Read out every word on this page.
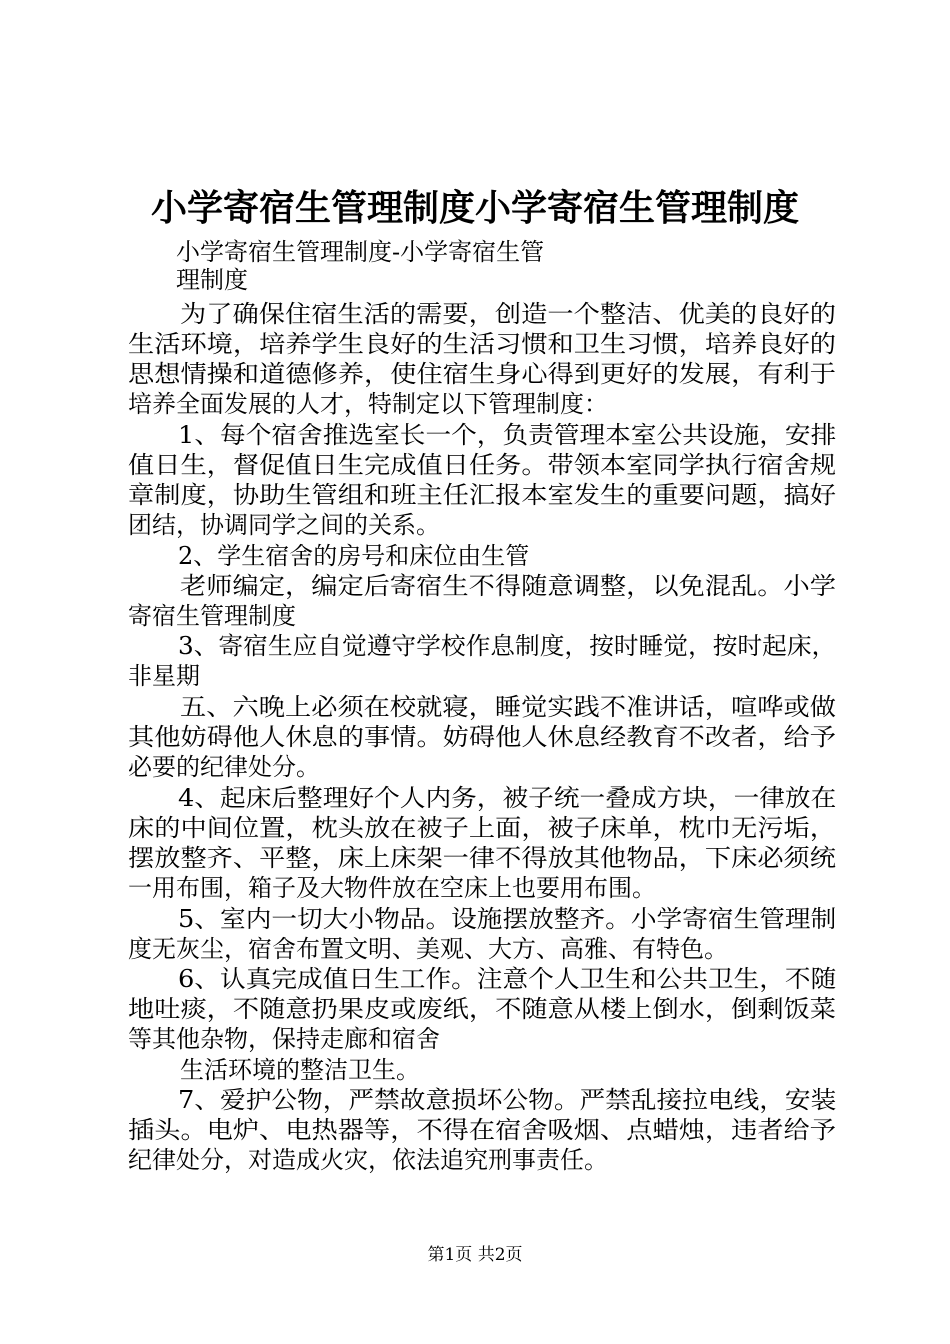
小学寄宿生管理制度小学寄宿生管理制度
小学寄宿生管理制度-小学寄宿生管
理制度
为了确保住宿生活的需要，创造一个整洁、优美的良好的
生活环境，培养学生良好的生活习惯和卫生习惯，培养良好的
思想情操和道德修养，使住宿生身心得到更好的发展，有利于
培养全面发展的人才，特制定以下管理制度：
1、每个宿舍推选室长一个，负责管理本室公共设施，安排
值日生，督促值日生完成值日任务。带领本室同学执行宿舍规
章制度，协助生管组和班主任汇报本室发生的重要问题，搞好
团结，协调同学之间的关系。
2、学生宿舍的房号和床位由生管
老师编定，编定后寄宿生不得随意调整，以免混乱。小学
寄宿生管理制度
3、寄宿生应自觉遵守学校作息制度，按时睡觉，按时起床，
非星期
五、六晚上必须在校就寝，睡觉实践不准讲话，喧哗或做
其他妨碍他人休息的事情。妨碍他人休息经教育不改者，给予
必要的纪律处分。
4、起床后整理好个人内务，被子统一叠成方块，一律放在
床的中间位置，枕头放在被子上面，被子床单，枕巾无污垢，
摆放整齐、平整，床上床架一律不得放其他物品，下床必须统
一用布围，箱子及大物件放在空床上也要用布围。
5、室内一切大小物品。设施摆放整齐。小学寄宿生管理制
度无灰尘，宿舍布置文明、美观、大方、高雅、有特色。
6、认真完成值日生工作。注意个人卫生和公共卫生，不随
地吐痰，不随意扔果皮或废纸，不随意从楼上倒水，倒剩饭菜
等其他杂物，保持走廊和宿舍
生活环境的整洁卫生。
7、爱护公物，严禁故意损坏公物。严禁乱接拉电线，安装
插头。电炉、电热器等，不得在宿舍吸烟、点蜡烛，违者给予
纪律处分，对造成火灾，依法追究刑事责任。
第1页 共2页
